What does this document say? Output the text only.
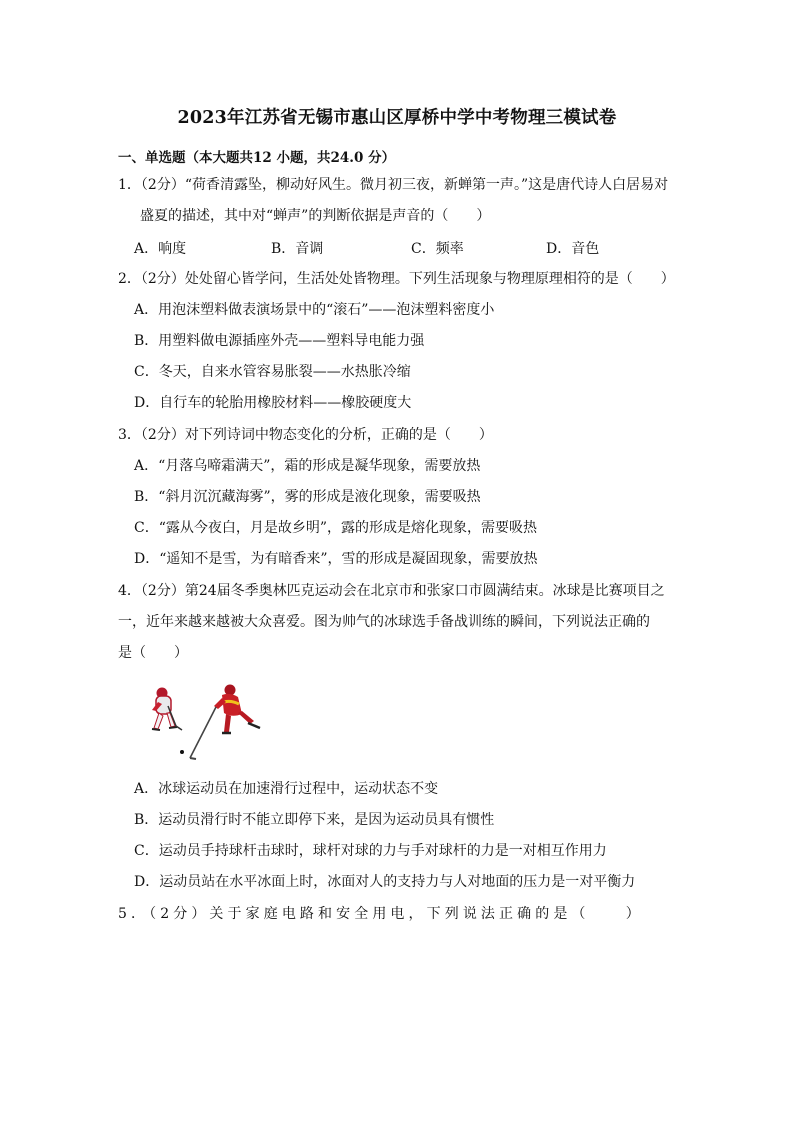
2023年江苏省无锡市惠山区厚桥中学中考物理三模试卷
一、单选题（本大题共12 小题，共24.0 分）
1．（2分）“荷香清露坠，柳动好风生。微月初三夜，新蝉第一声。”这是唐代诗人白居易对
盛夏的描述，其中对“蝉声”的判断依据是声音的（　　）
A．响度	B．音调	C．频率	D．音色
2．（2分）处处留心皆学问，生活处处皆物理。下列生活现象与物理原理相符的是（　　）
A．用泡沫塑料做表演场景中的“滚石”——泡沫塑料密度小
B．用塑料做电源插座外壳——塑料导电能力强
C．冬天，自来水管容易胀裂——水热胀冷缩
D．自行车的轮胎用橡胶材料——橡胶硬度大
3．（2分）对下列诗词中物态变化的分析，正确的是（　　）
A．“月落乌啼霜满天”，霜的形成是凝华现象，需要放热
B．“斜月沉沉藏海雾”，雾的形成是液化现象，需要吸热
C．“露从今夜白，月是故乡明”，露的形成是熔化现象，需要吸热
D．“遥知不是雪，为有暗香来”，雪的形成是凝固现象，需要放热
4．（2分）第24届冬季奥林匹克运动会在北京市和张家口市圆满结束。冰球是比赛项目之
一，近年来越来越被大众喜爱。图为帅气的冰球选手备战训练的瞬间，下列说法正确的
是（　　）
A．冰球运动员在加速滑行过程中，运动状态不变
B．运动员滑行时不能立即停下来，是因为运动员具有惯性
C．运动员手持球杆击球时，球杆对球的力与手对球杆的力是一对相互作用力
D．运动员站在水平冰面上时，冰面对人的支持力与人对地面的压力是一对平衡力
5．（2分）关于家庭电路和安全用电，下列说法正确的是（　　）
